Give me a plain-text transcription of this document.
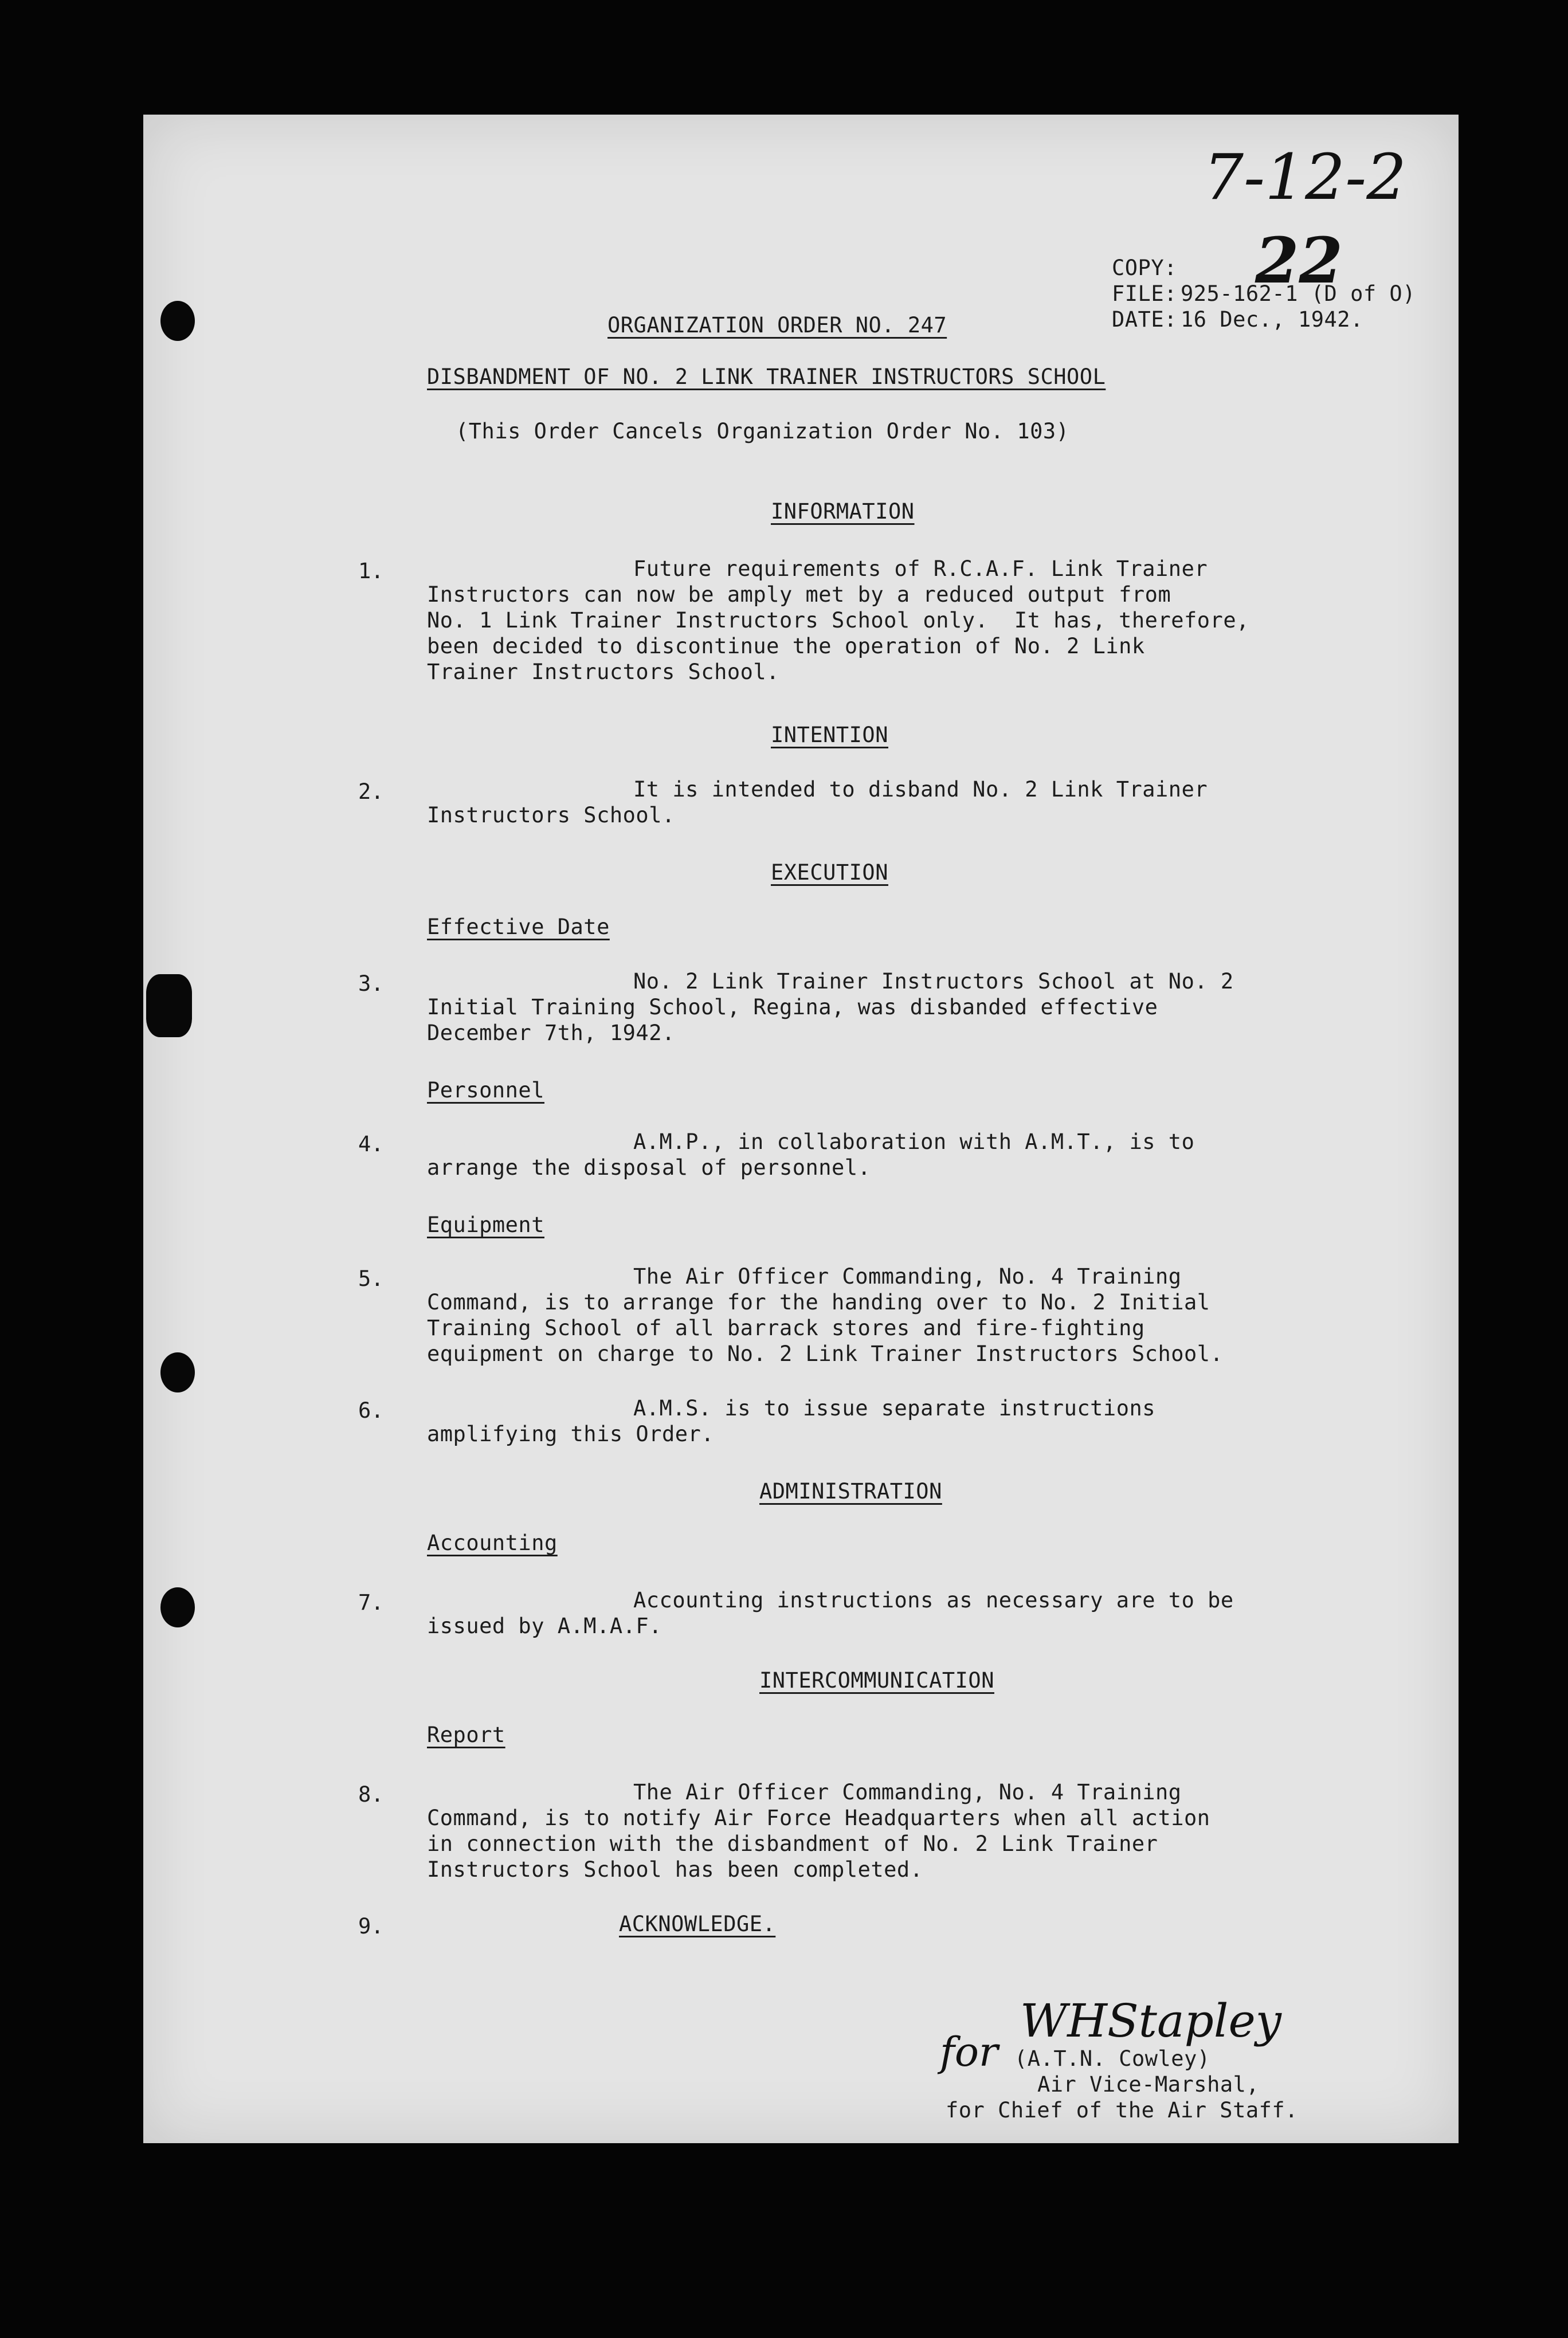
7-12-2
22
COPY:
FILE: 925-162-1 (D of O)
DATE: 16 Dec., 1942.
ORGANIZATION ORDER NO. 247
DISBANDMENT OF NO. 2 LINK TRAINER INSTRUCTORS SCHOOL
(This Order Cancels Organization Order No. 103)
INFORMATION
1.	Future requirements of R.C.A.F. Link Trainer
Instructors can now be amply met by a reduced output from
No. 1 Link Trainer Instructors School only.  It has, therefore,
been decided to discontinue the operation of No. 2 Link
Trainer Instructors School.
INTENTION
2.	It is intended to disband No. 2 Link Trainer
Instructors School.
EXECUTION
Effective Date
3.	No. 2 Link Trainer Instructors School at No. 2
Initial Training School, Regina, was disbanded effective
December 7th, 1942.
Personnel
4.	A.M.P., in collaboration with A.M.T., is to
arrange the disposal of personnel.
Equipment
5.	The Air Officer Commanding, No. 4 Training
Command, is to arrange for the handing over to No. 2 Initial
Training School of all barrack stores and fire-fighting
equipment on charge to No. 2 Link Trainer Instructors School.
6.	A.M.S. is to issue separate instructions
amplifying this Order.
ADMINISTRATION
Accounting
7.	Accounting instructions as necessary are to be
issued by A.M.A.F.
INTERCOMMUNICATION
Report
8.	The Air Officer Commanding, No. 4 Training
Command, is to notify Air Force Headquarters when all action
in connection with the disbandment of No. 2 Link Trainer
Instructors School has been completed.
9.	ACKNOWLEDGE.
WHStapley
for (A.T.N. Cowley)
Air Vice-Marshal,
for Chief of the Air Staff.
